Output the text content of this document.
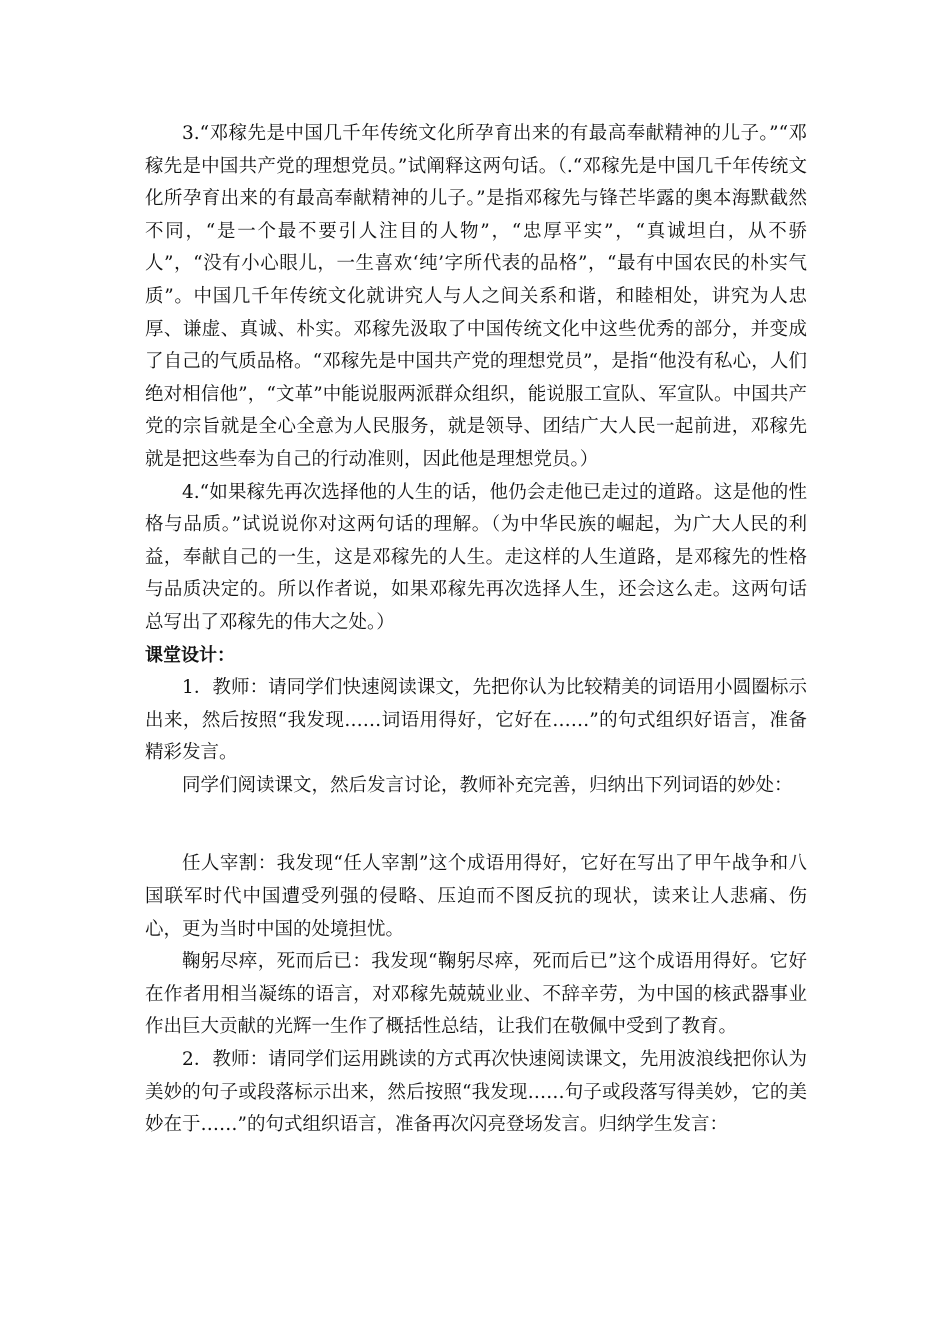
3.“邓稼先是中国几千年传统文化所孕育出来的有最高奉献精神的儿子。”“邓稼先是中国共产党的理想党员。”试阐释这两句话。（.“邓稼先是中国几千年传统文化所孕育出来的有最高奉献精神的儿子。”是指邓稼先与锋芒毕露的奥本海默截然不同，“是一个最不要引人注目的人物”，“忠厚平实”，“真诚坦白，从不骄人”，“没有小心眼儿，一生喜欢‘纯’字所代表的品格”，“最有中国农民的朴实气质”。中国几千年传统文化就讲究人与人之间关系和谐，和睦相处，讲究为人忠厚、谦虚、真诚、朴实。邓稼先汲取了中国传统文化中这些优秀的部分，并变成了自己的气质品格。“邓稼先是中国共产党的理想党员”，是指“他没有私心，人们绝对相信他”，“文革”中能说服两派群众组织，能说服工宣队、军宣队。中国共产党的宗旨就是全心全意为人民服务，就是领导、团结广大人民一起前进，邓稼先就是把这些奉为自己的行动准则，因此他是理想党员。）

4.“如果稼先再次选择他的人生的话，他仍会走他已走过的道路。这是他的性格与品质。”试说说你对这两句话的理解。（为中华民族的崛起，为广大人民的利益，奉献自己的一生，这是邓稼先的人生。走这样的人生道路，是邓稼先的性格与品质决定的。所以作者说，如果邓稼先再次选择人生，还会这么走。这两句话总写出了邓稼先的伟大之处。）

课堂设计：

1．教师：请同学们快速阅读课文，先把你认为比较精美的词语用小圆圈标示出来，然后按照“我发现……词语用得好，它好在……”的句式组织好语言，准备精彩发言。

同学们阅读课文，然后发言讨论，教师补充完善，归纳出下列词语的妙处：

任人宰割：我发现“任人宰割”这个成语用得好，它好在写出了甲午战争和八国联军时代中国遭受列强的侵略、压迫而不图反抗的现状，读来让人悲痛、伤心，更为当时中国的处境担忧。

鞠躬尽瘁，死而后已：我发现“鞠躬尽瘁，死而后已”这个成语用得好。它好在作者用相当凝练的语言，对邓稼先兢兢业业、不辞辛劳，为中国的核武器事业作出巨大贡献的光辉一生作了概括性总结，让我们在敬佩中受到了教育。

2．教师：请同学们运用跳读的方式再次快速阅读课文，先用波浪线把你认为美妙的句子或段落标示出来，然后按照“我发现……句子或段落写得美妙，它的美妙在于……”的句式组织语言，准备再次闪亮登场发言。归纳学生发言：
